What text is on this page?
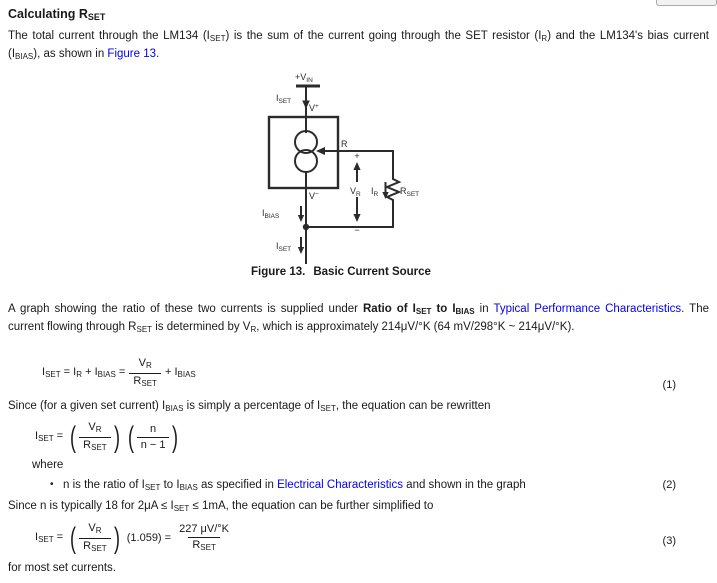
Calculating RSET
The total current through the LM134 (ISET) is the sum of the current going through the SET resistor (IR) and the LM134's bias current (IBIAS), as shown in Figure 13.
$+V_{IN}$
$I_{SET}$
V+
R
+
$V_R$ $I_R$ $R_{SET}$
−
V−
$I_{BIAS}$
$I_{SET}$
Figure 13. Basic Current Source
A graph showing the ratio of these two currents is supplied under Ratio of ISET to IBIAS in Typical Performance Characteristics. The current flowing through RSET is determined by VR, which is approximately 214μV/°K (64 mV/298°K ~ 214μV/°K).
ISET = IR + IBIAS = $\frac{VR}{\text{RSET}}$ + IBIAS
(1)
Since (for a given set current) IBIAS is simply a percentage of ISET, the equation can be rewritten
ISET = ( $\frac{VR}{\text{RSET}}$ ) ( $\frac{n}{n - 1}$ )
where
• n is the ratio of ISET to IBIAS as specified in Electrical Characteristics and shown in the graph	(2)
Since n is typically 18 for 2μA ≤ ISET ≤ 1mA, the equation can be further simplified to
ISET = ( $\frac{VR}{\text{RSET}}$ ) $(1.059) = \frac{227 \mu V/^\circ K}{\text{RSET}}$	(3)
for most set currents.
